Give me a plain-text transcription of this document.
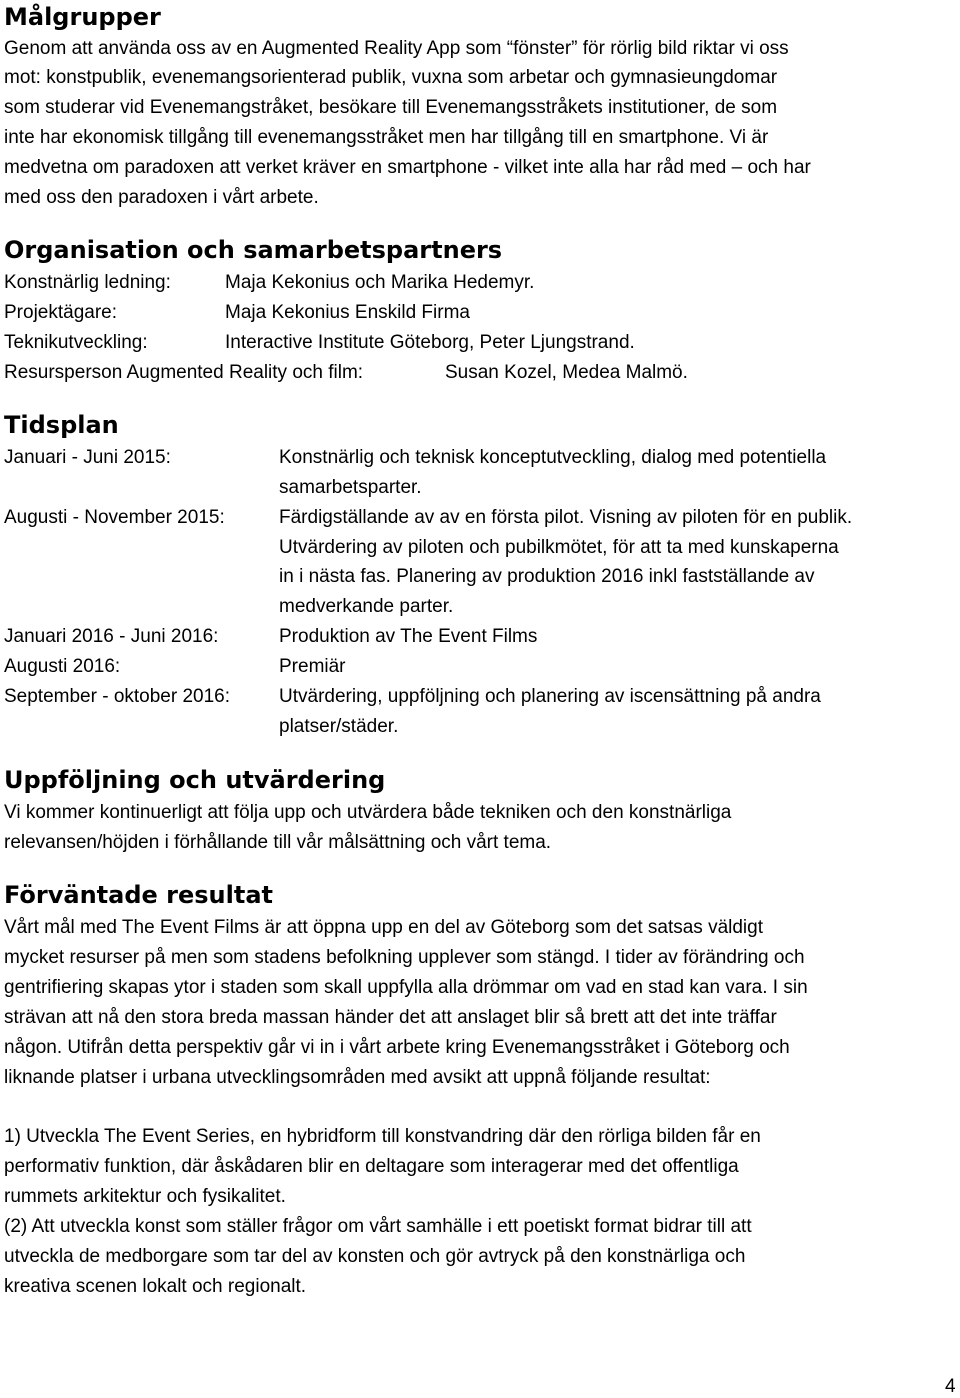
Målgrupper
Genom att använda oss av en Augmented Reality App som “fönster” för rörlig bild riktar vi oss
mot: konstpublik, evenemangsorienterad publik, vuxna som arbetar och gymnasieungdomar
som studerar vid Evenemangstråket, besökare till Evenemangsstråkets institutioner, de som
inte har ekonomisk tillgång till evenemangsstråket men har tillgång till en smartphone. Vi är
medvetna om paradoxen att verket kräver en smartphone - vilket inte alla har råd med – och har
med oss den paradoxen i vårt arbete.
Organisation och samarbetspartners
Konstnärlig ledning:	Maja Kekonius och Marika Hedemyr.
Projektägare:	Maja Kekonius Enskild Firma
Teknikutveckling:	Interactive Institute Göteborg, Peter Ljungstrand.
Resursperson Augmented Reality och film:	Susan Kozel, Medea Malmö.
Tidsplan
Januari - Juni 2015:	Konstnärlig och teknisk konceptutveckling, dialog med potentiella
samarbetsparter.
Augusti - November 2015:	Färdigställande av av en första pilot. Visning av piloten för en publik.
Utvärdering av piloten och pubilkmötet, för att ta med kunskaperna
in i nästa fas. Planering av produktion 2016 inkl fastställande av
medverkande parter.
Januari 2016 - Juni 2016:	Produktion av The Event Films
Augusti 2016:	Premiär
September - oktober 2016:	Utvärdering, uppföljning och planering av iscensättning på andra
platser/städer.
Uppföljning och utvärdering
Vi kommer kontinuerligt att följa upp och utvärdera både tekniken och den konstnärliga
relevansen/höjden i förhållande till vår målsättning och vårt tema.
Förväntade resultat
Vårt mål med The Event Films är att öppna upp en del av Göteborg som det satsas väldigt
mycket resurser på men som stadens befolkning upplever som stängd. I tider av förändring och
gentrifiering skapas ytor i staden som skall uppfylla alla drömmar om vad en stad kan vara. I sin
strävan att nå den stora breda massan händer det att anslaget blir så brett att det inte träffar
någon. Utifrån detta perspektiv går vi in i vårt arbete kring Evenemangsstråket i Göteborg och
liknande platser i urbana utvecklingsområden med avsikt att uppnå följande resultat:
1) Utveckla The Event Series, en hybridform till konstvandring där den rörliga bilden får en
performativ funktion, där åskådaren blir en deltagare som interagerar med det offentliga
rummets arkitektur och fysikalitet.
(2) Att utveckla konst som ställer frågor om vårt samhälle i ett poetiskt format bidrar till att
utveckla de medborgare som tar del av konsten och gör avtryck på den konstnärliga och
kreativa scenen lokalt och regionalt.
4
